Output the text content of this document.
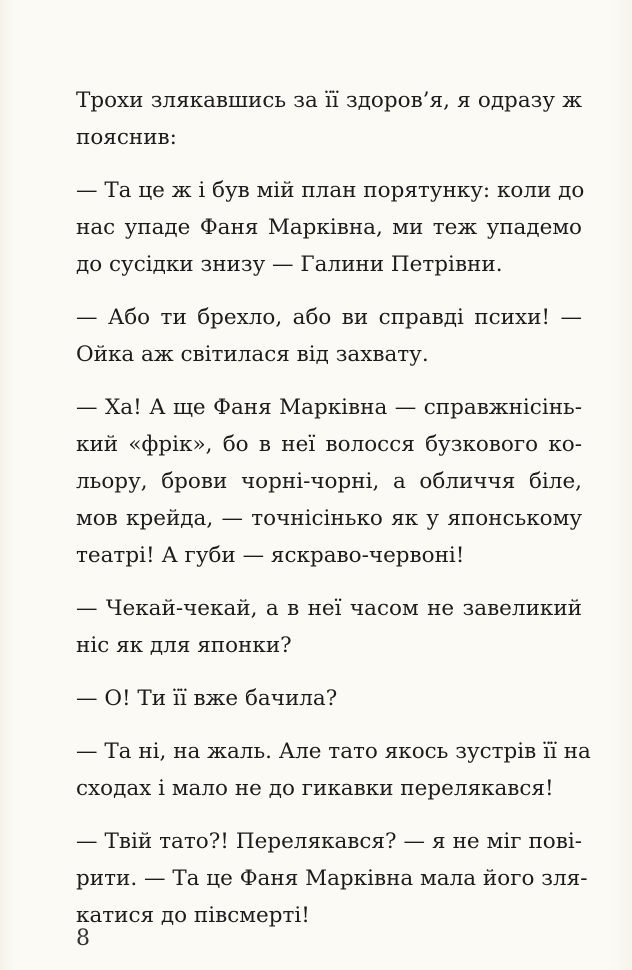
Трохи злякавшись за її здоров’я, я одразу ж
пояснив:

— Та це ж і був мій план порятунку: коли до
нас упаде Фаня Марківна, ми теж упадемо
до сусідки знизу — Галини Петрівни.

— Або ти брехло, або ви справді психи! —
Ойка аж світилася від захвату.

— Ха! А ще Фаня Марківна — справжнісінь-
кий «фрік», бо в неї волосся бузкового ко-
льору, брови чорні-чорні, а обличчя біле,
мов крейда, — точнісінько як у японському
театрі! А губи — яскраво-червоні!

— Чекай-чекай, а в неї часом не завеликий
ніс як для японки?

— О! Ти її вже бачила?

— Та ні, на жаль. Але тато якось зустрів її на
сходах і мало не до гикавки перелякався!

— Твій тато?! Перелякався? — я не міг пові-
рити. — Та це Фаня Марківна мала його зля-
катися до півсмерті!

8
